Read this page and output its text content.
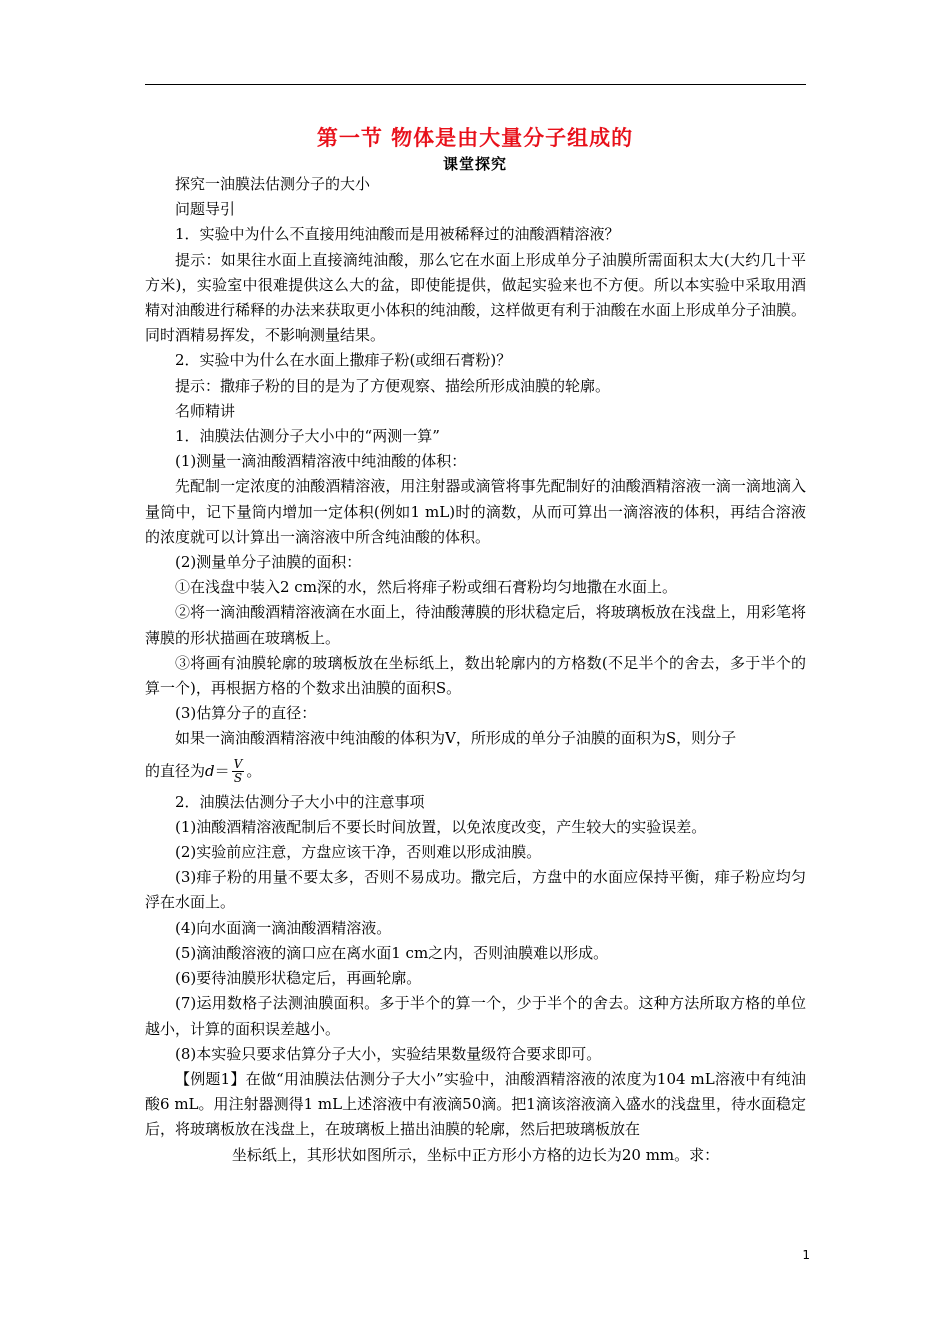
第一节 物体是由大量分子组成的
课堂探究

探究一油膜法估测分子的大小

问题导引

1．实验中为什么不直接用纯油酸而是用被稀释过的油酸酒精溶液？

提示：如果往水面上直接滴纯油酸，那么它在水面上形成单分子油膜所需面积太大(大约几十平方米)，实验室中很难提供这么大的盆，即使能提供，做起实验来也不方便。所以本实验中采取用酒精对油酸进行稀释的办法来获取更小体积的纯油酸，这样做更有利于油酸在水面上形成单分子油膜。同时酒精易挥发，不影响测量结果。

2．实验中为什么在水面上撒痱子粉(或细石膏粉)？

提示：撒痱子粉的目的是为了方便观察、描绘所形成油膜的轮廓。

名师精讲

1．油膜法估测分子大小中的“两测一算”

(1)测量一滴油酸酒精溶液中纯油酸的体积：

先配制一定浓度的油酸酒精溶液，用注射器或滴管将事先配制好的油酸酒精溶液一滴一滴地滴入量筒中，记下量筒内增加一定体积(例如1 mL)时的滴数，从而可算出一滴溶液的体积，再结合溶液的浓度就可以计算出一滴溶液中所含纯油酸的体积。

(2)测量单分子油膜的面积：

①在浅盘中装入2 cm深的水，然后将痱子粉或细石膏粉均匀地撒在水面上。

②将一滴油酸酒精溶液滴在水面上，待油酸薄膜的形状稳定后，将玻璃板放在浅盘上，用彩笔将薄膜的形状描画在玻璃板上。

③将画有油膜轮廓的玻璃板放在坐标纸上，数出轮廓内的方格数(不足半个的舍去，多于半个的算一个)，再根据方格的个数求出油膜的面积S。

(3)估算分子的直径：

如果一滴油酸酒精溶液中纯油酸的体积为V，所形成的单分子油膜的面积为S，则分子

的直径为$d= \frac{V}{S}$ 。

2．油膜法估测分子大小中的注意事项

(1)油酸酒精溶液配制后不要长时间放置，以免浓度改变，产生较大的实验误差。

(2)实验前应注意，方盘应该干净，否则难以形成油膜。

(3)痱子粉的用量不要太多，否则不易成功。撒完后，方盘中的水面应保持平衡，痱子粉应均匀浮在水面上。

(4)向水面滴一滴油酸酒精溶液。

(5)滴油酸溶液的滴口应在离水面1 cm之内，否则油膜难以形成。

(6)要待油膜形状稳定后，再画轮廓。

(7)运用数格子法测油膜面积。多于半个的算一个，少于半个的舍去。这种方法所取方格的单位越小，计算的面积误差越小。

(8)本实验只要求估算分子大小，实验结果数量级符合要求即可。

【例题1】在做“用油膜法估测分子大小”实验中，油酸酒精溶液的浓度为104 mL溶液中有纯油酸6 mL。用注射器测得1 mL上述溶液中有液滴50滴。把1滴该溶液滴入盛水的浅盘里，待水面稳定后，将玻璃板放在浅盘上，在玻璃板上描出油膜的轮廓，然后把玻璃板放在

坐标纸上，其形状如图所示，坐标中正方形小方格的边长为20 mm。求：

1
